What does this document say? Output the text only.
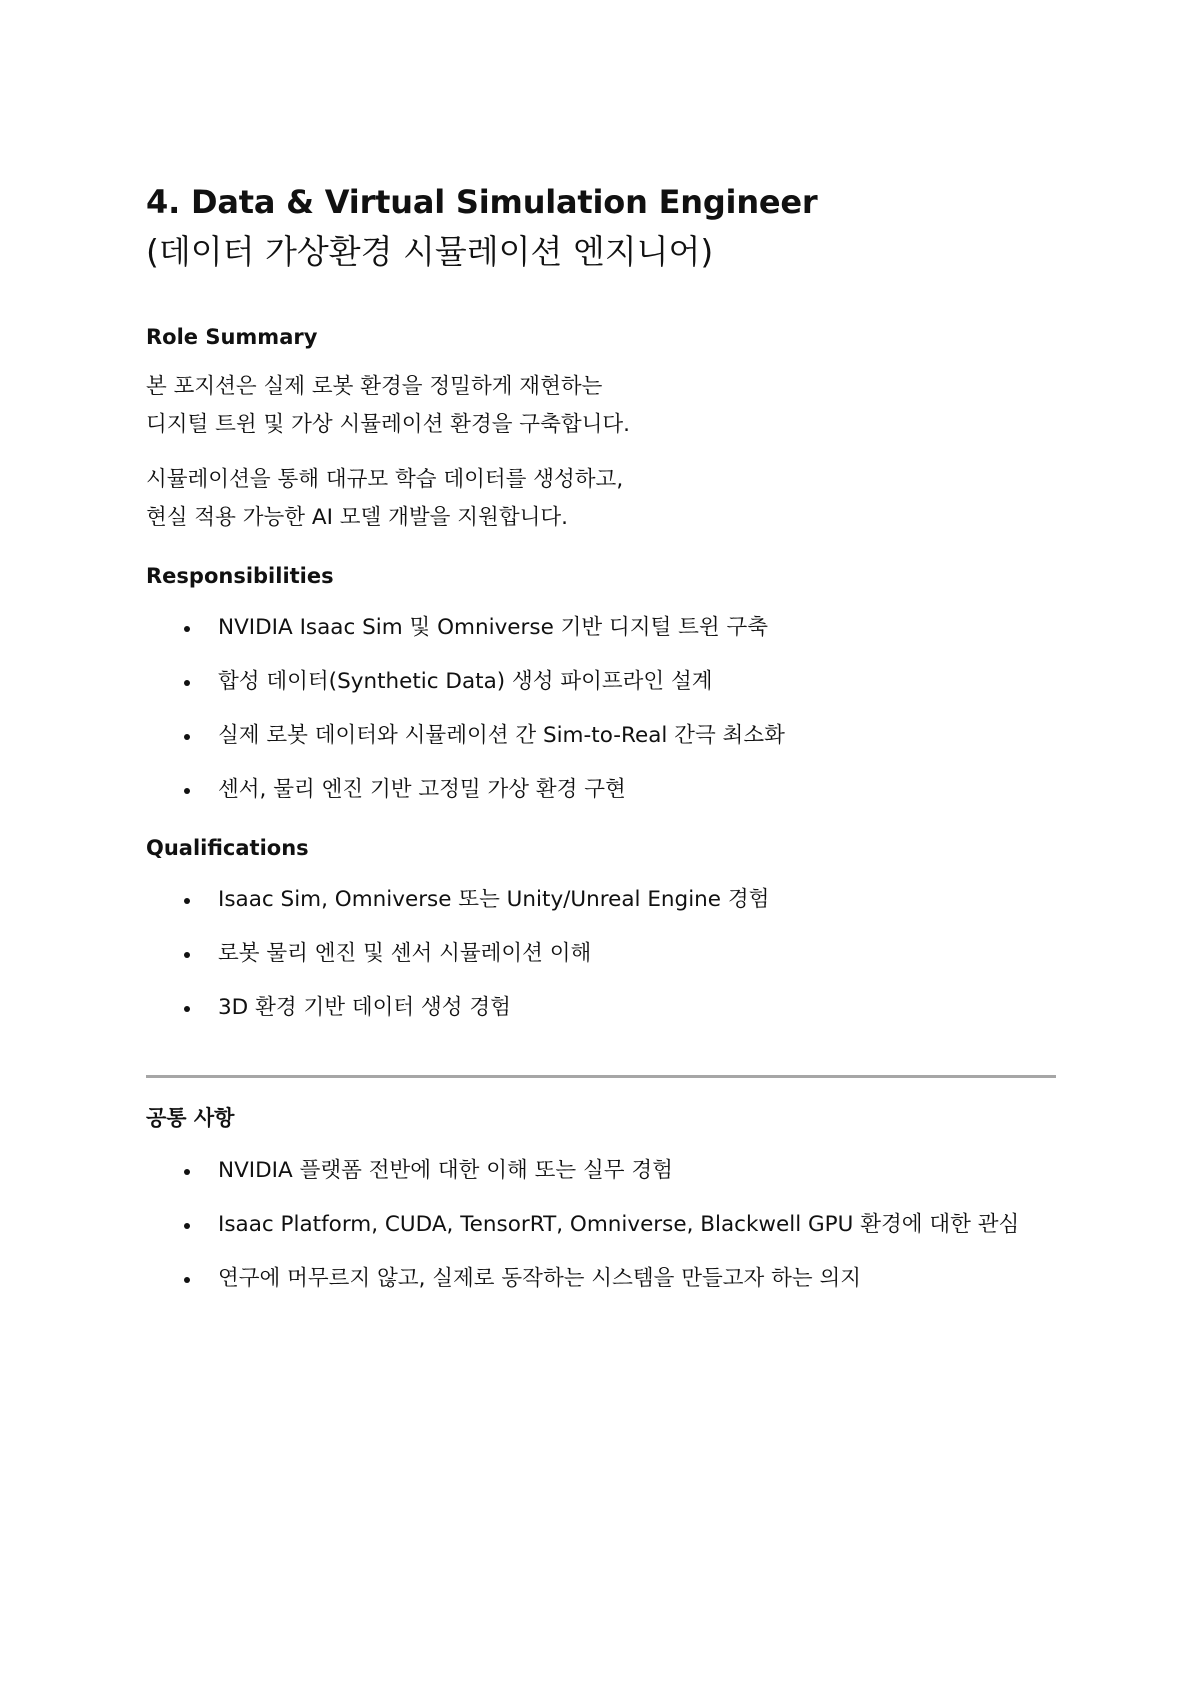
4. Data & Virtual Simulation Engineer
(데이터 가상환경 시뮬레이션 엔지니어)
Role Summary

본 포지션은 실제 로봇 환경을 정밀하게 재현하는

디지털 트윈 및 가상 시뮬레이션 환경을 구축합니다.

시뮬레이션을 통해 대규모 학습 데이터를 생성하고,

현실 적용 가능한 AI 모델 개발을 지원합니다.

Responsibilities
NVIDIA Isaac Sim 및 Omniverse 기반 디지털 트윈 구축
합성 데이터(Synthetic Data) 생성 파이프라인 설계
실제 로봇 데이터와 시뮬레이션 간 Sim-to-Real 간극 최소화
센서, 물리 엔진 기반 고정밀 가상 환경 구현
Qualifications
Isaac Sim, Omniverse 또는 Unity/Unreal Engine 경험
로봇 물리 엔진 및 센서 시뮬레이션 이해
3D 환경 기반 데이터 생성 경험
공통 사항
NVIDIA 플랫폼 전반에 대한 이해 또는 실무 경험
Isaac Platform, CUDA, TensorRT, Omniverse, Blackwell GPU 환경에 대한 관심
연구에 머무르지 않고, 실제로 동작하는 시스템을 만들고자 하는 의지
